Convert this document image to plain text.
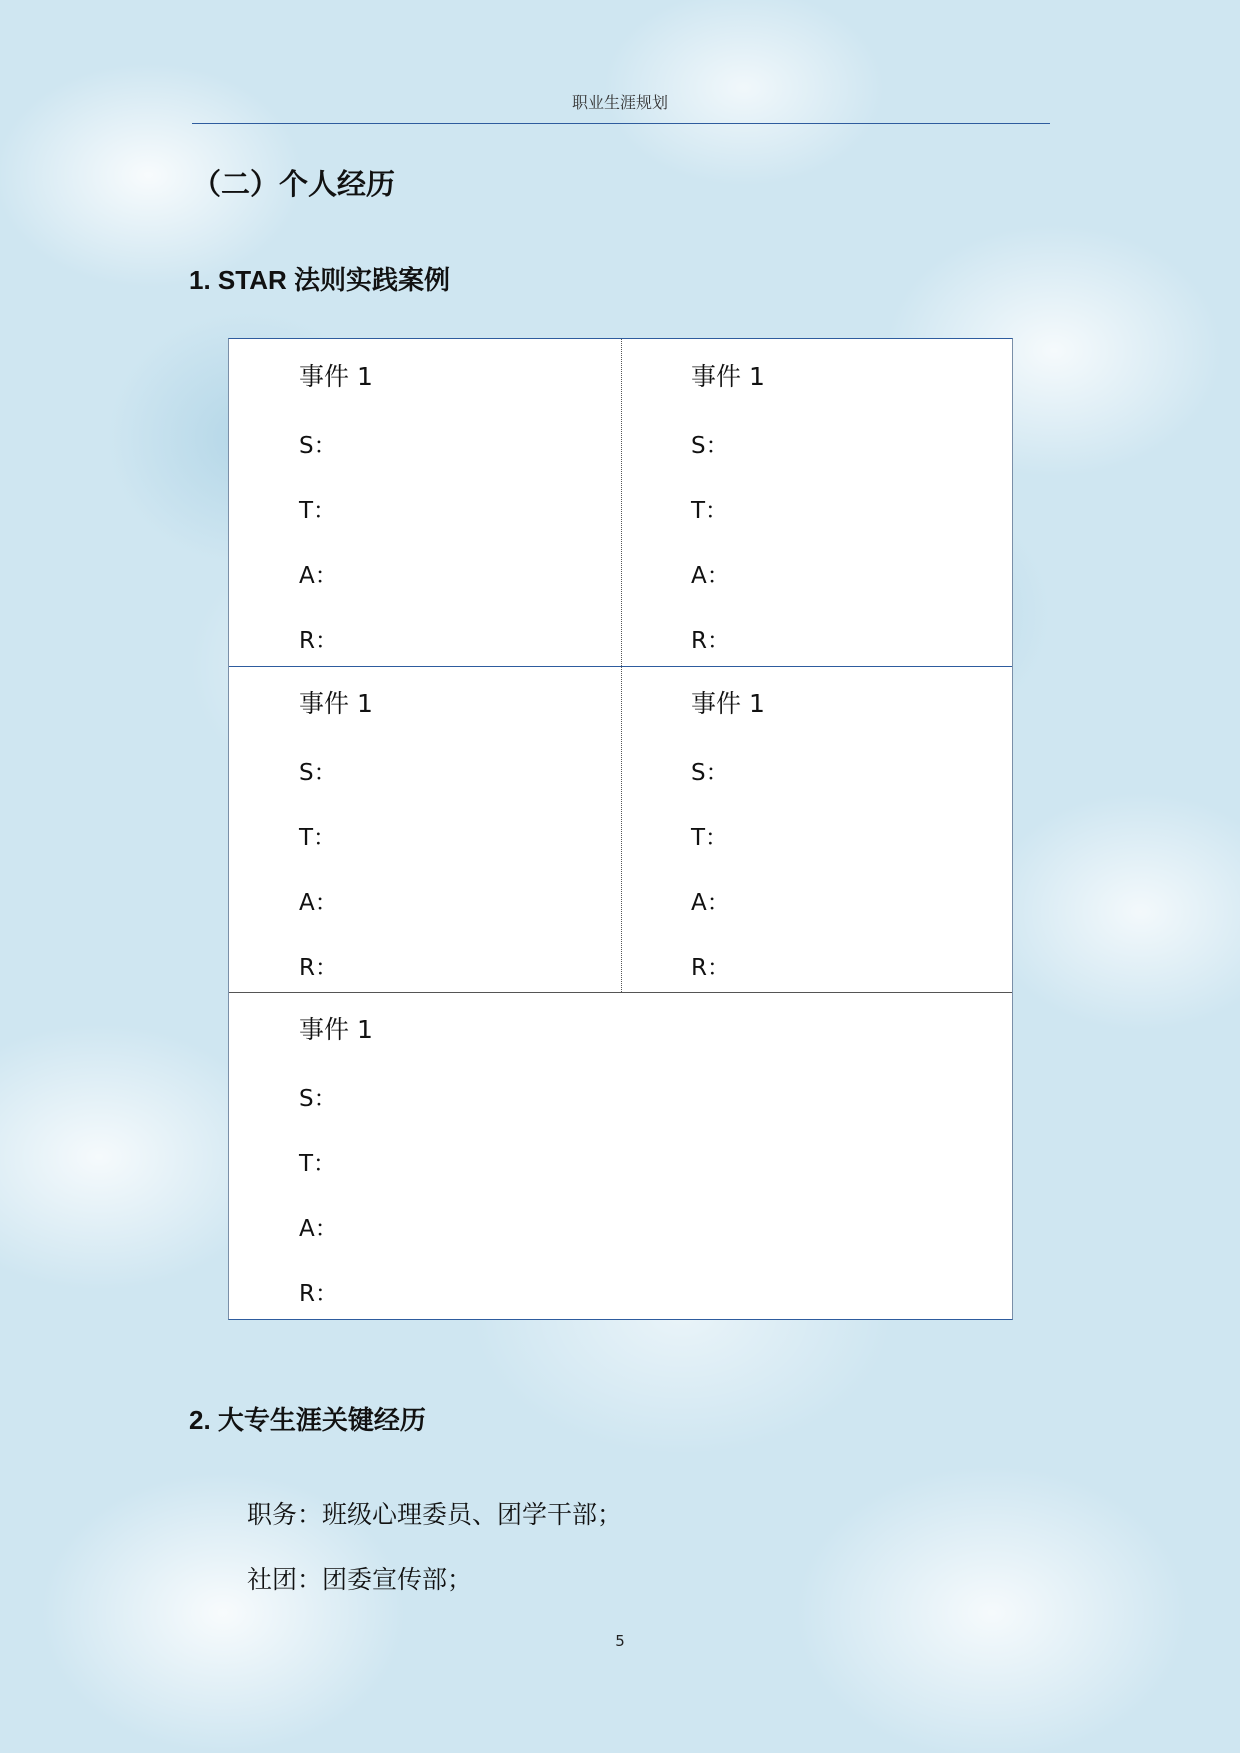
职业生涯规划
（二）个人经历
1. STAR 法则实践案例
事件 1
S：
T：
A：
R：
事件 1
S：
T：
A：
R：
事件 1
S：
T：
A：
R：
事件 1
S：
T：
A：
R：
事件 1
S：
T：
A：
R：
2. 大专生涯关键经历
职务：班级心理委员、团学干部；
社团：团委宣传部；
5
